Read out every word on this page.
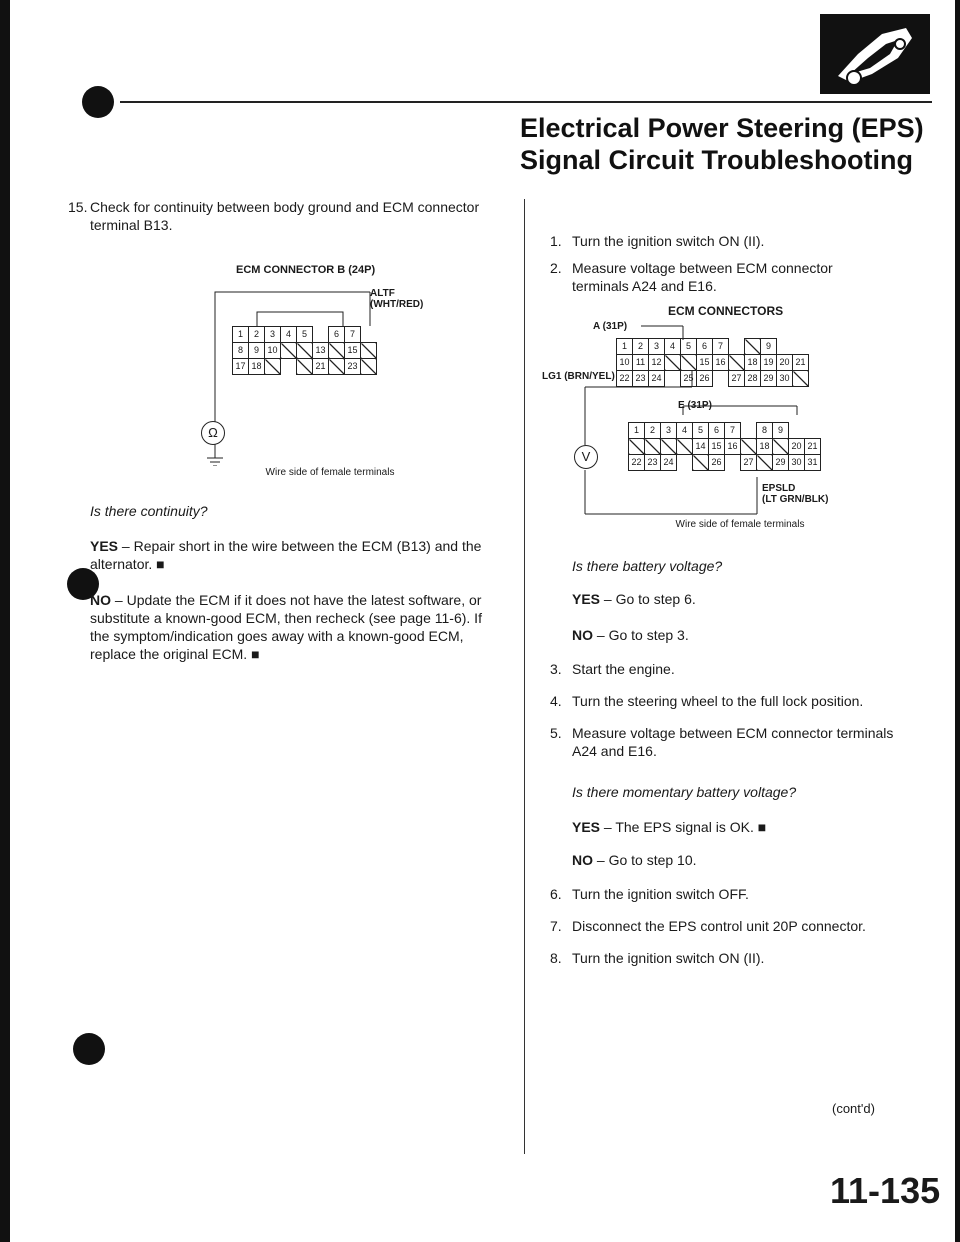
Electrical Power Steering (EPS)
Signal Circuit Troubleshooting
15. Check for continuity between body ground and ECM connector terminal B13.
ECM CONNECTOR B (24P)
ALTF
(WHT/RED)
Ω
1	2	3	4	5		6	7	
8	9	10			13		15	
17	18				21		23	
Wire side of female terminals
Is there continuity?
YES – Repair short in the wire between the ECM (B13) and the alternator. ■
NO – Update the ECM if it does not have the latest software, or substitute a known-good ECM, then recheck (see page 11-6). If the symptom/indication goes away with a known-good ECM, replace the original ECM. ■
1. Turn the ignition switch ON (II).
2. Measure voltage between ECM connector terminals A24 and E16.
ECM CONNECTORS
A (31P)
E (31P)
LG1 (BRN/YEL)
EPSLD
(LT GRN/BLK)
V
1	2	3	4	5	6	7			9		
10	11	12			15	16		18	19	20	21
22	23	24		25	26		27	28	29	30	
1	2	3	4	5	6	7		8	9		
				14	15	16		18		20	21
22	23	24			26		27		29	30	31
Wire side of female terminals
Is there battery voltage?
YES – Go to step 6.
NO – Go to step 3.
3. Start the engine.
4. Turn the steering wheel to the full lock position.
5. Measure voltage between ECM connector terminals A24 and E16.
Is there momentary battery voltage?
YES – The EPS signal is OK. ■
NO – Go to step 10.
6. Turn the ignition switch OFF.
7. Disconnect the EPS control unit 20P connector.
8. Turn the ignition switch ON (II).
(cont'd)
11-135
